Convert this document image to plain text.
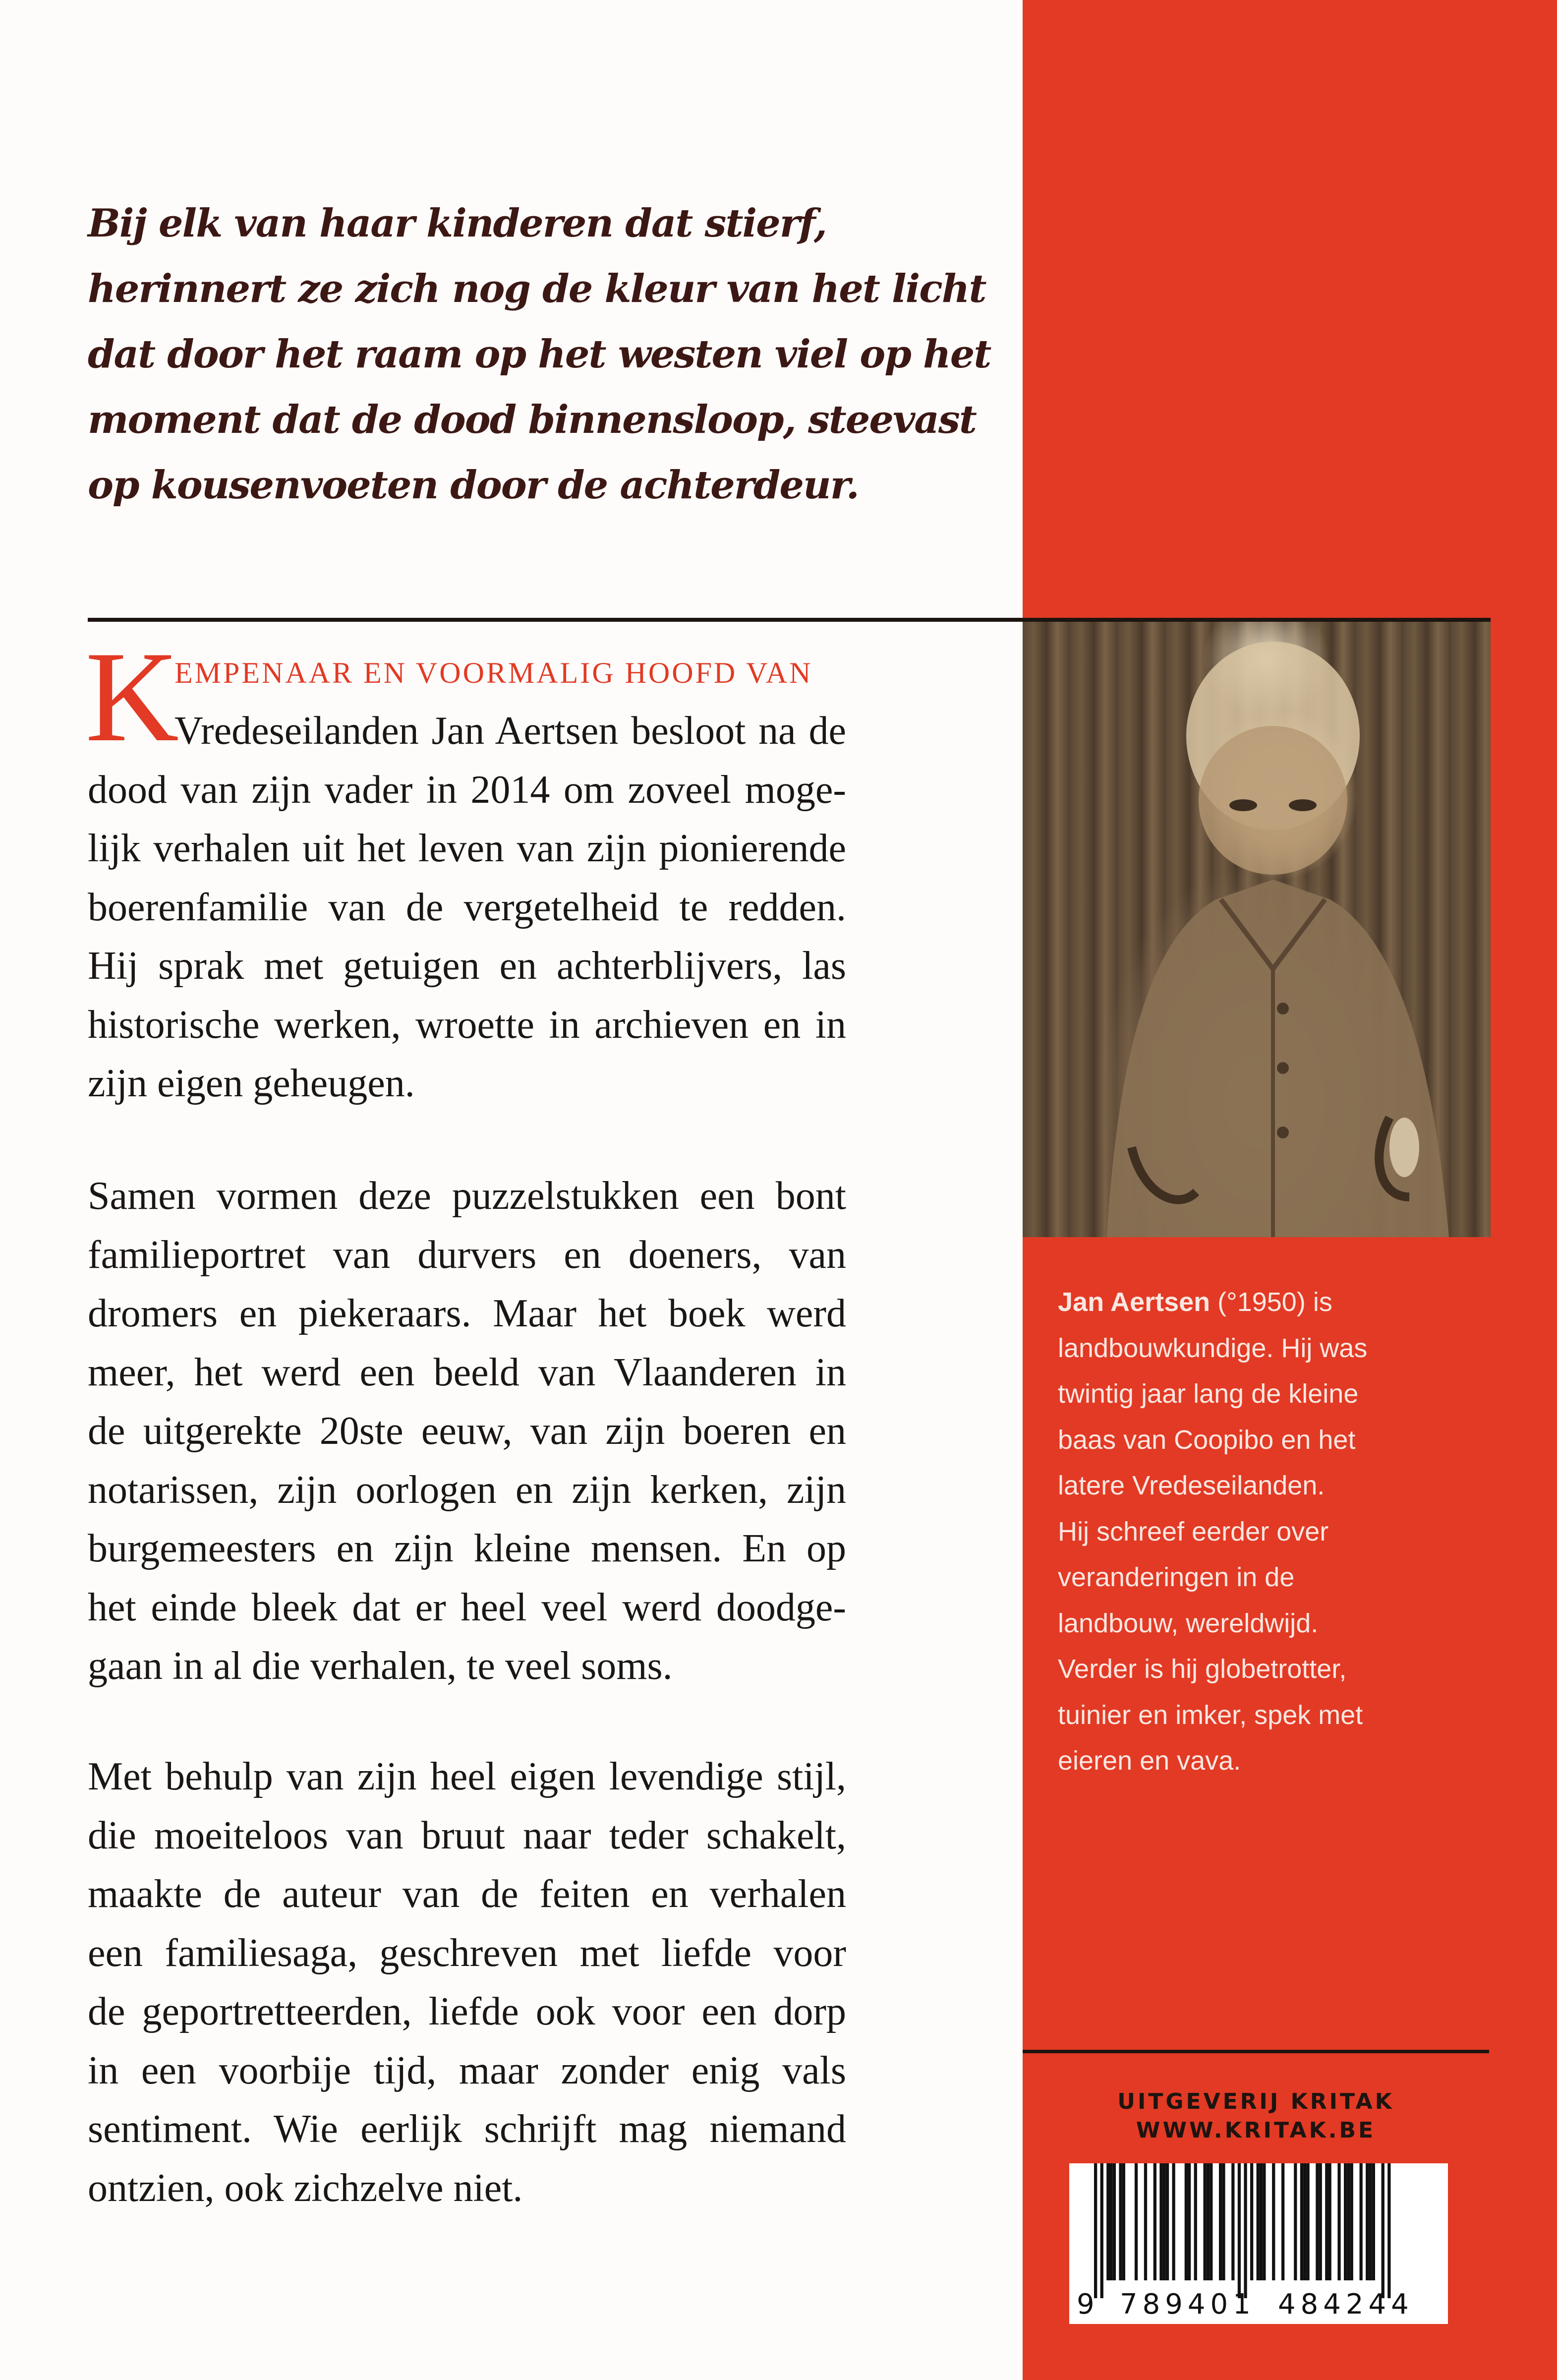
Bij elk van haar kinderen dat stierf,
herinnert ze zich nog de kleur van het licht
dat door het raam op het westen viel op het
moment dat de dood binnensloop, steevast
op kousenvoeten door de achterdeur.
K
EMPENAAR EN VOORMALIG HOOFD VAN
Vredeseilanden Jan Aertsen besloot na de
dood van zijn vader in 2014 om zoveel moge-
lijk verhalen uit het leven van zijn pionierende
boerenfamilie van de vergetelheid te redden.
Hij sprak met getuigen en achterblijvers, las
historische werken, wroette in archieven en in
zijn eigen geheugen.
Samen vormen deze puzzelstukken een bont
familieportret van durvers en doeners, van
dromers en piekeraars. Maar het boek werd
meer, het werd een beeld van Vlaanderen in
de uitgerekte 20ste eeuw, van zijn boeren en
notarissen, zijn oorlogen en zijn kerken, zijn
burgemeesters en zijn kleine mensen. En op
het einde bleek dat er heel veel werd doodge-
gaan in al die verhalen, te veel soms.
Met behulp van zijn heel eigen levendige stijl,
die moeiteloos van bruut naar teder schakelt,
maakte de auteur van de feiten en verhalen
een familiesaga, geschreven met liefde voor
de geportretteerden, liefde ook voor een dorp
in een voorbije tijd, maar zonder enig vals
sentiment. Wie eerlijk schrijft mag niemand
ontzien, ook zichzelve niet.
Jan Aertsen (°1950) is
landbouwkundige. Hij was
twintig jaar lang de kleine
baas van Coopibo en het
latere Vredeseilanden.
Hij schreef eerder over
veranderingen in de
landbouw, wereldwijd.
Verder is hij globetrotter,
tuinier en imker, spek met
eieren en vava.
UITGEVERIJ KRITAK
WWW.KRITAK.BE
9 789401 484244
